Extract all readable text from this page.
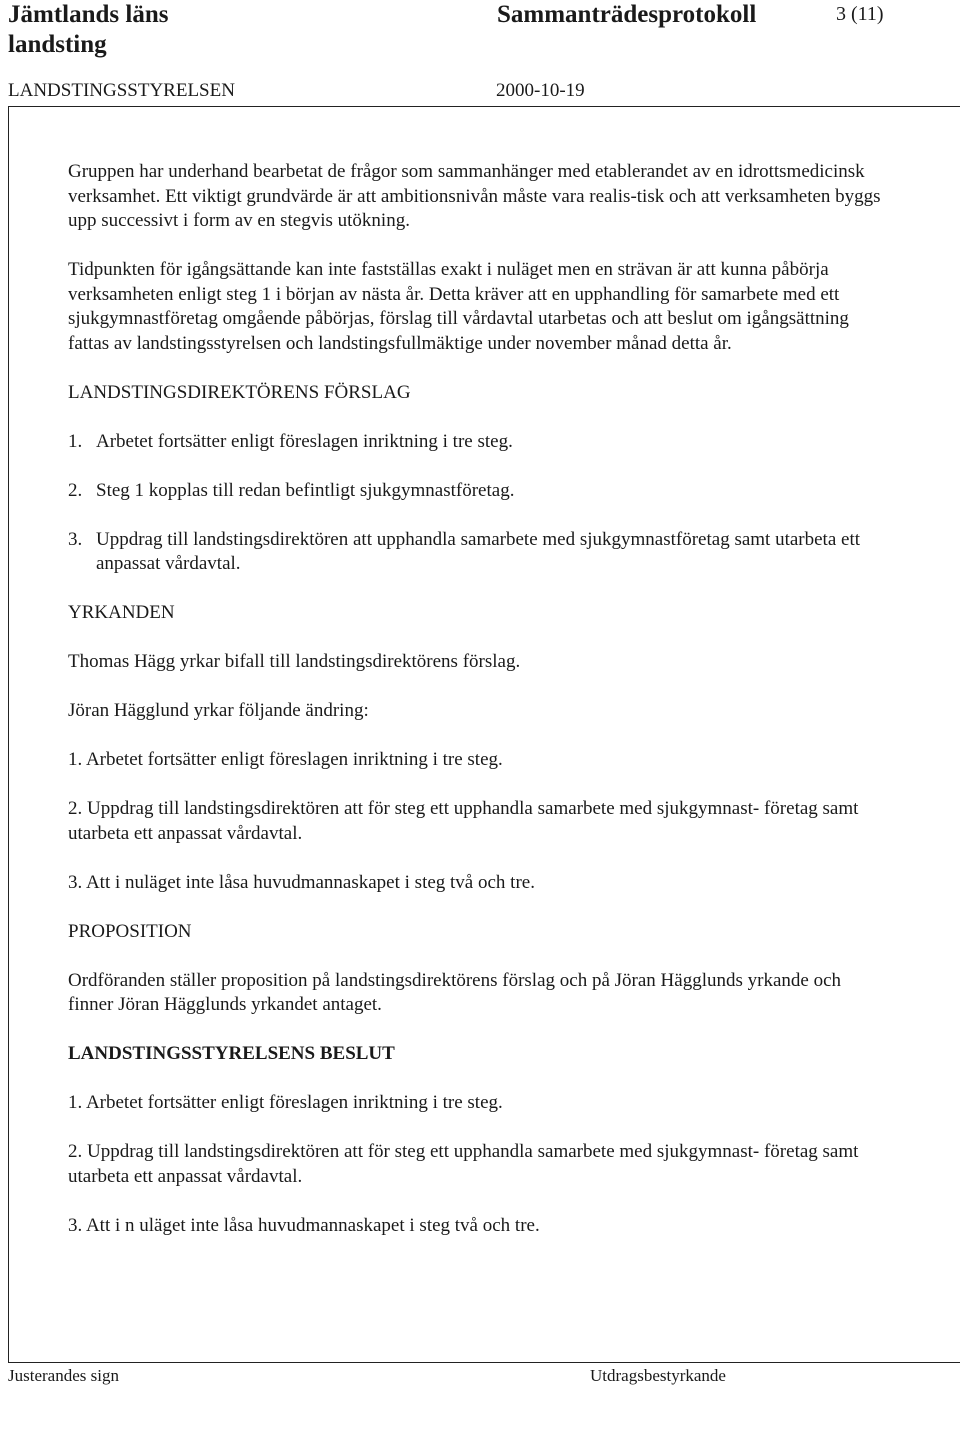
Jämtlands läns landsting
Sammanträdesprotokoll	3 (11)
LANDSTINGSSTYRELSEN	2000-10-19

Gruppen har underhand bearbetat de frågor som sammanhänger med etablerandet av en idrottsmedicinsk verksamhet. Ett viktigt grundvärde är att ambitionsnivån måste vara realis-tisk och att verksamheten byggs upp successivt i form av en stegvis utökning.

Tidpunkten för igångsättande kan inte fastställas exakt i nuläget men en strävan är att kunna påbörja verksamheten enligt steg 1 i början av nästa år. Detta kräver att en upphandling för samarbete med ett sjukgymnastföretag omgående påbörjas, förslag till vårdavtal utarbetas och att beslut om igångsättning fattas av landstingsstyrelsen och landstingsfullmäktige under november månad detta år.

LANDSTINGSDIREKTÖRENS FÖRSLAG

1. Arbetet fortsätter enligt föreslagen inriktning i tre steg.
2. Steg 1 kopplas till redan befintligt sjukgymnastföretag.
3. Uppdrag till landstingsdirektören att upphandla samarbete med sjukgymnastföretag samt utarbeta ett anpassat vårdavtal.

YRKANDEN

Thomas Hägg yrkar bifall till landstingsdirektörens förslag.

Jöran Hägglund yrkar följande ändring:

1. Arbetet fortsätter enligt föreslagen inriktning i tre steg.

2. Uppdrag till landstingsdirektören att för steg ett upphandla samarbete med sjukgymnast- företag samt utarbeta ett anpassat vårdavtal.

3. Att i nuläget inte låsa huvudmannaskapet i steg två och tre.

PROPOSITION

Ordföranden ställer proposition på landstingsdirektörens förslag och på Jöran Hägglunds yrkande och finner Jöran Hägglunds yrkandet antaget.

LANDSTINGSSTYRELSENS BESLUT

1. Arbetet fortsätter enligt föreslagen inriktning i tre steg.

2. Uppdrag till landstingsdirektören att för steg ett upphandla samarbete med sjukgymnast- företag samt utarbeta ett anpassat vårdavtal.

3. Att i n uläget inte låsa huvudmannaskapet i steg två och tre.

Justerandes sign	Utdragsbestyrkande
